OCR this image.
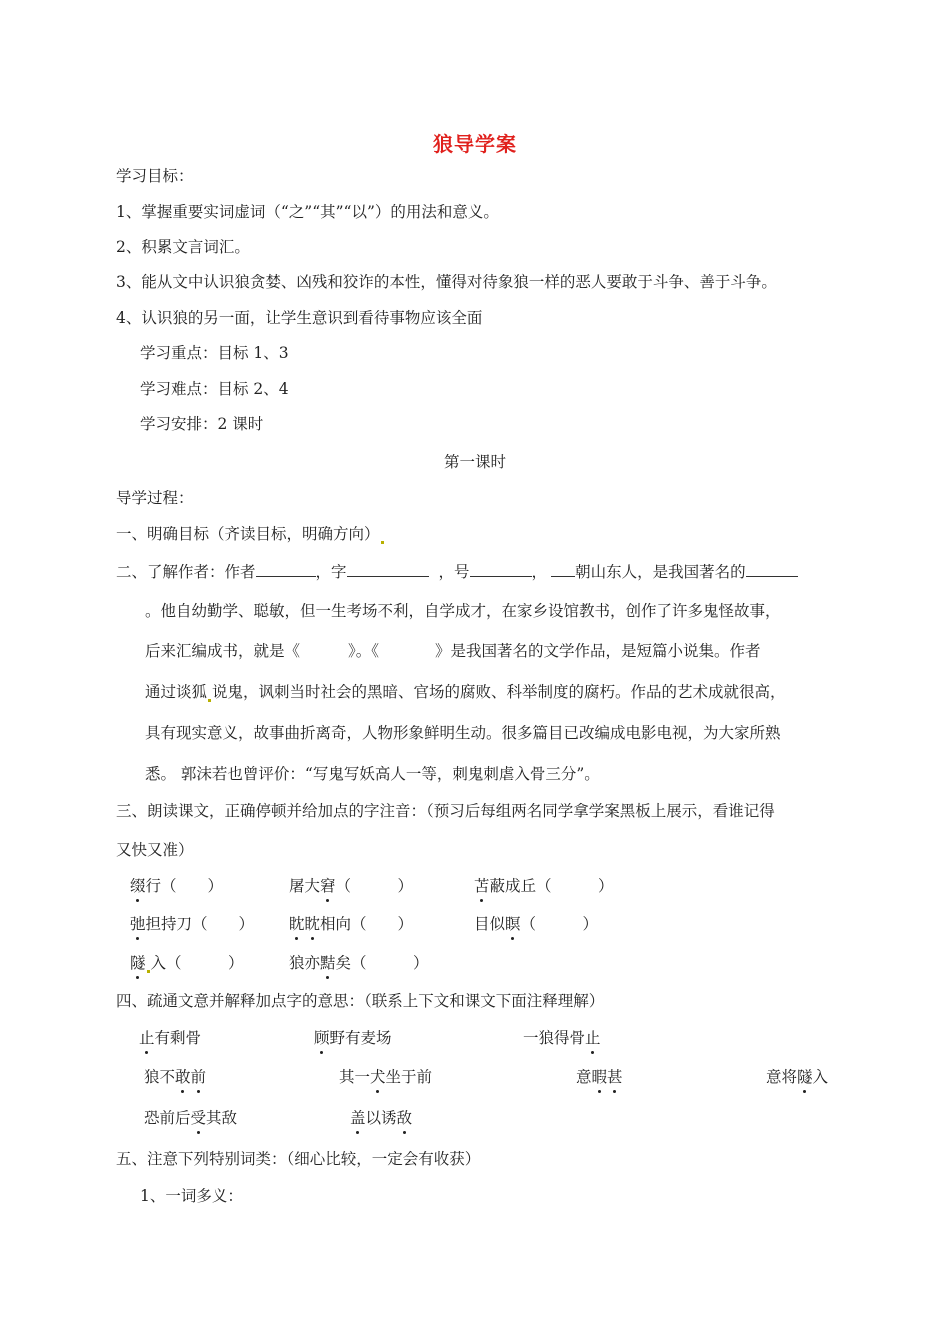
狼导学案
学习目标：
1、掌握重要实词虚词（“之”“其”“以”）的用法和意义。
2、积累文言词汇。
3、能从文中认识狼贪婪、凶残和狡诈的本性，懂得对待象狼一样的恶人要敢于斗争、善于斗争。
4、认识狼的另一面，让学生意识到看待事物应该全面
学习重点：目标 1、3
学习难点：目标 2、4
学习安排：2 课时
第一课时
导学过程：
一、明确目标（齐读目标，明确方向）
二、了解作者：作者	，字	，号	， 朝山东人，是我国著名的
。他自幼勤学、聪敏，但一生考场不利，自学成才，在家乡设馆教书，创作了许多鬼怪故事，
后来汇编成书，就是《	》。《	》是我国著名的文学作品，是短篇小说集。作者
通过谈狐 说鬼，讽刺当时社会的黑暗、官场的腐败、科举制度的腐朽。作品的艺术成就很高，
具有现实意义，故事曲折离奇，人物形象鲜明生动。很多篇目已改编成电影电视，为大家所熟
悉。 郭沫若也曾评价：“写鬼写妖高人一等，刺鬼刺虐入骨三分”。
三、朗读课文，正确停顿并给加点的字注音：（预习后每组两名同学拿学案黑板上展示，看谁记得
又快又准）
缀行（　　）	屠大窘（　　　）	苫蔽成丘（　　　）
弛担持刀（　　） 眈眈相向（　　）	目似瞑（　　　）
隧 入（　　　）	狼亦黠矣（　　　）
四、疏通文意并解释加点字的意思：（联系上下文和课文下面注释理解）
止有剩骨	顾野有麦场	一狼得骨止
狼不敢前	其一犬坐于前	意暇甚	意将隧入
恐前后受其敌	盖以诱敌
五、注意下列特别词类：（细心比较，一定会有收获）
1、一词多义：
